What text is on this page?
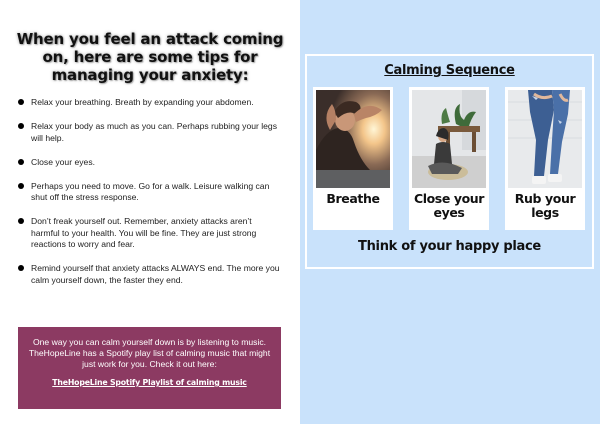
When you feel an attack coming on, here are some tips for managing your anxiety:
Relax your breathing. Breath by expanding your abdomen.
Relax your body as much as you can. Perhaps rubbing your legs will help.
Close your eyes.
Perhaps you need to move. Go for a walk. Leisure walking can shut off the stress response.
Don’t freak yourself out. Remember, anxiety attacks aren’t harmful to your health. You will be fine. They are just strong reactions to worry and fear.
Remind yourself that anxiety attacks ALWAYS end. The more you calm yourself down, the faster they end.

One way you can calm yourself down is by listening to music. TheHopeLine has a Spotify play list of calming music that might just work for you. Check it out here:

TheHopeLine Spotify Playlist of calming music
Calming Sequence
Breathe	Close your eyes
Rub your legs
Think of your happy place
